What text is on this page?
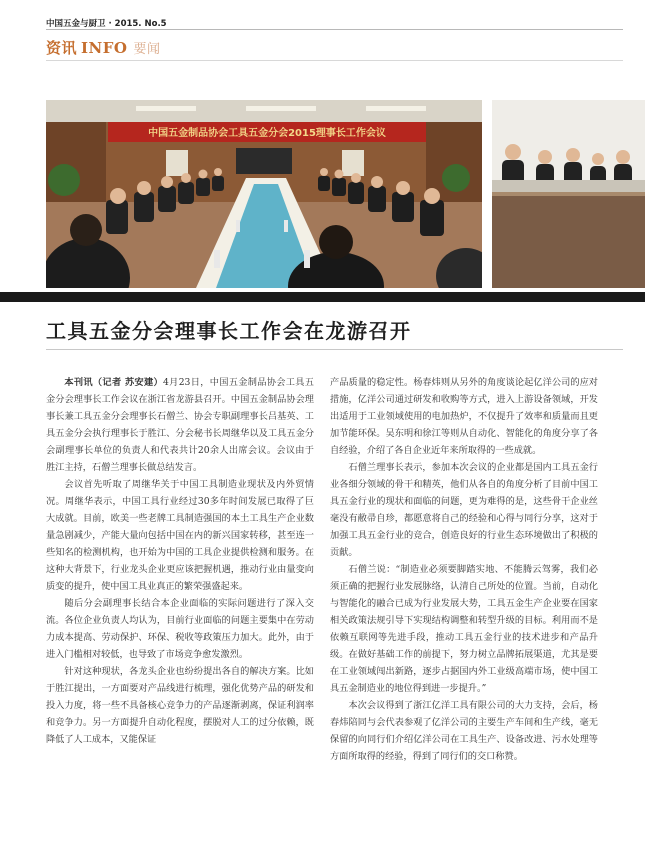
中国五金与厨卫 · 2015. No.5
资讯 INFO 要闻
中国五金制品协会工具五金分会2015理事长工作会议
工具五金分会理事长工作会在龙游召开

本刊讯（记者 苏安建）4月23日，中国五金制品协会工具五金分会理事长工作会议在浙江省龙游县召开。中国五金制品协会理事长兼工具五金分会理事长石僧兰、协会专职副理事长吕基英、工具五金分会执行理事长于胜江、分会秘书长周继华以及工具五金分会副理事长单位的负责人和代表共计20余人出席会议。会议由于胜江主持，石僧兰理事长做总结发言。

会议首先听取了周继华关于中国工具制造业现状及内外贸情况。周继华表示，中国工具行业经过30多年时间发展已取得了巨大成就。目前，欧美一些老牌工具制造强国的本土工具生产企业数量急剧减少，产能大量向包括中国在内的新兴国家转移，甚至连一些知名的检测机构，也开始为中国的工具企业提供检测和服务。在这种大背景下，行业龙头企业更应该把握机遇，推动行业由量变向质变的提升，使中国工具业真正的繁荣强盛起来。

随后分会副理事长结合本企业面临的实际问题进行了深入交流。各位企业负责人均认为，目前行业面临的问题主要集中在劳动力成本提高、劳动保护、环保、税收等政策压力加大。此外，由于进入门槛相对较低，也导致了市场竞争愈发激烈。

针对这种现状，各龙头企业也纷纷提出各自的解决方案。比如于胜江提出，一方面要对产品线进行梳理，强化优势产品的研发和投入力度，将一些不具备核心竞争力的产品逐渐剥离，保证利润率和竞争力。另一方面提升自动化程度，摆脱对人工的过分依赖，既降低了人工成本，又能保证

产品质量的稳定性。杨春炜则从另外的角度谈论起亿洋公司的应对措施，亿洋公司通过研发和收购等方式，进入上游设备领域，开发出适用于工业领域使用的电加热炉，不仅提升了效率和质量而且更加节能环保。吴东明和徐江等则从自动化、智能化的角度分享了各自经验，介绍了各自企业近年来所取得的一些成就。

石僧兰理事长表示，参加本次会议的企业都是国内工具五金行业各细分领域的骨干和精英，他们从各自的角度分析了目前中国工具五金行业的现状和面临的问题，更为难得的是，这些骨干企业丝毫没有敝帚自珍，都愿意将自己的经验和心得与同行分享，这对于加强工具五金行业的竞合，创造良好的行业生态环境做出了积极的贡献。

石僧兰说：“制造业必须要脚踏实地、不能腾云驾雾，我们必须正确的把握行业发展脉络，认清自己所处的位置。当前，自动化与智能化的融合已成为行业发展大势，工具五金生产企业要在国家相关政策法规引导下实现结构调整和转型升级的目标。利用而不是依赖互联网等先进手段，推动工具五金行业的技术进步和产品升级。在做好基础工作的前提下，努力树立品牌拓展渠道，尤其是要在工业领域闯出新路，逐步占据国内外工业级高端市场，使中国工具五金制造业的地位得到进一步提升。”

本次会议得到了浙江亿洋工具有限公司的大力支持，会后，杨春炜陪同与会代表参观了亿洋公司的主要生产车间和生产线，毫无保留的向同行们介绍亿洋公司在工具生产、设备改进、污水处理等方面所取得的经验，得到了同行们的交口称赞。
